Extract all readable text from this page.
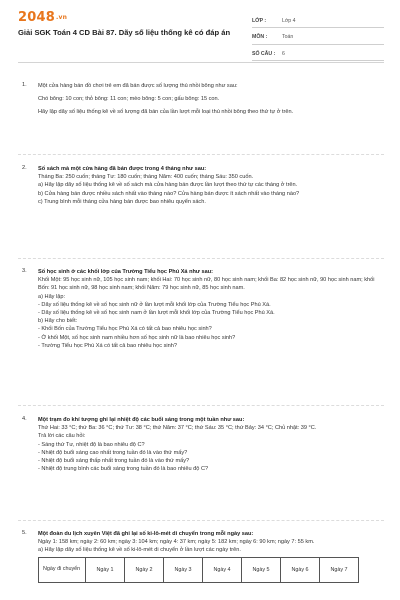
2048.vn
Giải SGK Toán 4 CD Bài 87. Dãy số liệu thống kê có đáp án
LỚP :	Lớp 4
MÔN :	Toán
SỐ CÂU :	6
1. Một cửa hàng bán đồ chơi trẻ em đã bán được số lượng thú nhồi bông như sau:

Chó bông: 10 con; thỏ bông: 11 con; mèo bông: 5 con; gấu bông: 15 con.

Hãy lập dãy số liệu thống kê về số lượng đã bán của lần lượt mỗi loại thú nhồi bông theo thứ tự ở trên.

2. Số sách mà một cửa hàng đã bán được trong 4 tháng như sau:

Tháng Ba: 250 cuốn; tháng Tư: 180 cuốn; tháng Năm: 400 cuốn; tháng Sáu: 350 cuốn.

a) Hãy lập dãy số liệu thống kê về số sách mà cửa hàng bán được lần lượt theo thứ tự các tháng ở trên.

b) Cửa hàng bán được nhiều sách nhất vào tháng nào? Cửa hàng bán được ít sách nhất vào tháng nào?

c) Trung bình mỗi tháng cửa hàng bán được bao nhiêu quyển sách.

3. Số học sinh ở các khối lớp của Trường Tiểu học Phú Xá như sau:

Khối Một: 95 học sinh nữ, 105 học sinh nam; khối Hai: 70 học sinh nữ, 80 học sinh nam; khối Ba: 82 học sinh nữ, 90 học sinh nam; khối Bốn: 91 học sinh nữ, 98 học sinh nam; khối Năm: 79 học sinh nữ, 85 học sinh nam.

a) Hãy lập:

- Dãy số liệu thống kê về số học sinh nữ ở lần lượt mỗi khối lớp của Trường Tiểu học Phú Xá.

- Dãy số liệu thống kê về số học sinh nam ở lần lượt mỗi khối lớp của Trường Tiểu học Phú Xá.

b) Hãy cho biết:

- Khối Bốn của Trường Tiểu học Phú Xá có tất cả bao nhiêu học sinh?

- Ở khối Một, số học sinh nam nhiều hơn số học sinh nữ là bao nhiêu học sinh?

- Trường Tiểu học Phú Xá có tất cả bao nhiêu học sinh?

4. Một trạm đo khí tượng ghi lại nhiệt độ các buổi sáng trong một tuần như sau:

Thứ Hai: 33 °C; thứ Ba: 36 °C; thứ Tư: 38 °C; thứ Năm: 37 °C; thứ Sáu: 35 °C; thứ Bảy: 34 °C; Chủ nhật: 39 °C.

Trả lời các câu hỏi:

- Sáng thứ Tư, nhiệt độ là bao nhiêu độ C?

- Nhiệt độ buổi sáng cao nhất trong tuần đó là vào thứ mấy?

- Nhiệt độ buổi sáng thấp nhất trong tuần đó là vào thứ mấy?

- Nhiệt độ trung bình các buổi sáng trong tuần đó là bao nhiêu độ C?

5. Một đoàn du lịch xuyên Việt đã ghi lại số ki-lô-mét di chuyển trong mỗi ngày sau:

Ngày 1: 158 km; ngày 2: 60 km; ngày 3: 104 km; ngày 4: 37 km; ngày 5: 182 km; ngày 6: 90 km; ngày 7: 55 km.

a) Hãy lập dãy số liệu thống kê về số ki-lô-mét di chuyển ở lần lượt các ngày trên.

Ngày đi chuyển	Ngày 1	Ngày 2	Ngày 3	Ngày 4	Ngày 5	Ngày 6	Ngày 7
